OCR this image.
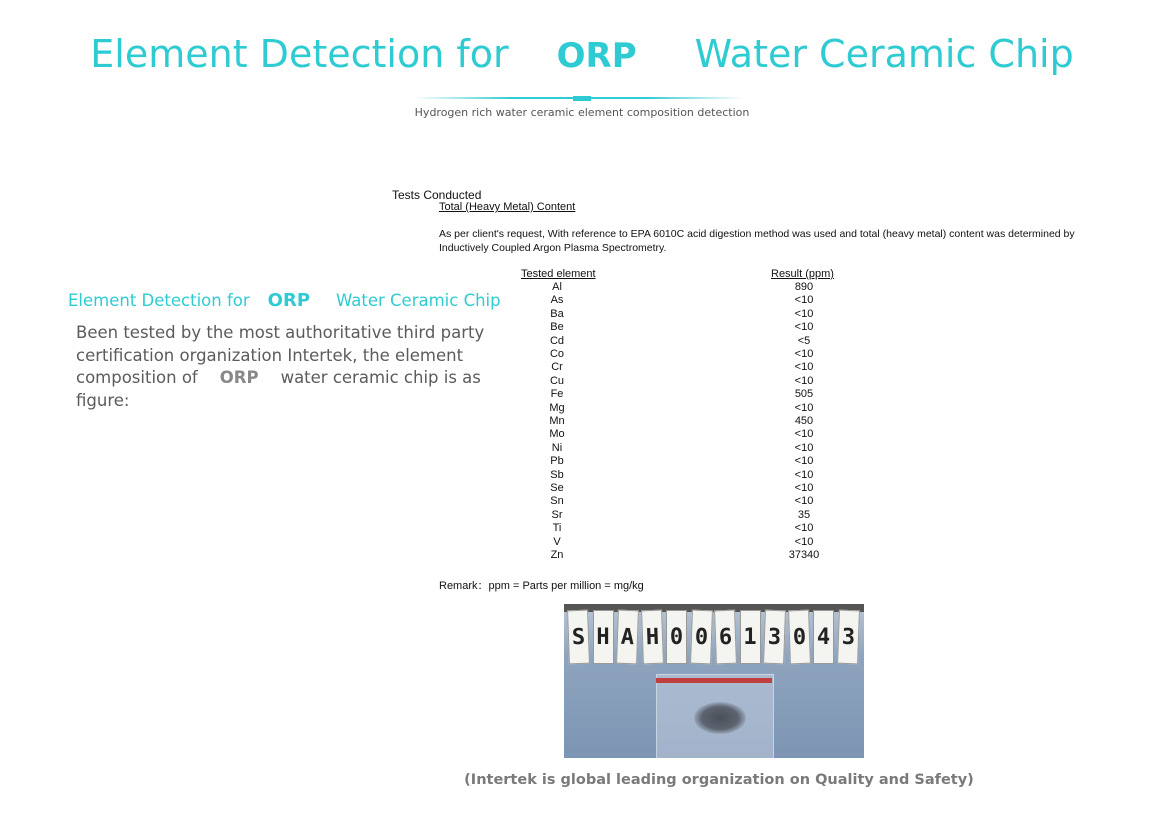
Element Detection for ORP Water Ceramic Chip
Hydrogen rich water ceramic element composition detection
Element Detection for ORP Water Ceramic Chip
Been tested by the most authoritative third party certification organization Intertek, the element composition of ORP water ceramic chip is as figure:
Tests Conducted
Total (Heavy Metal) Content
As per client's request, With reference to EPA 6010C acid digestion method was used and total (heavy metal) content was determined by Inductively Coupled Argon Plasma Spectrometry.
Tested element	Result (ppm)
Al	890
As	<10
Ba	<10
Be	<10
Cd	<5
Co	<10
Cr	<10
Cu	<10
Fe	505
Mg	<10
Mn	450
Mo	<10
Ni	<10
Pb	<10
Sb	<10
Se	<10
Sn	<10
Sr	35
Ti	<10
V	<10
Zn	37340
Remark：ppm = Parts per million = mg/kg
S H A H 0 0 6 1 3 0 4 3
(Intertek is global leading organization on Quality and Safety)
